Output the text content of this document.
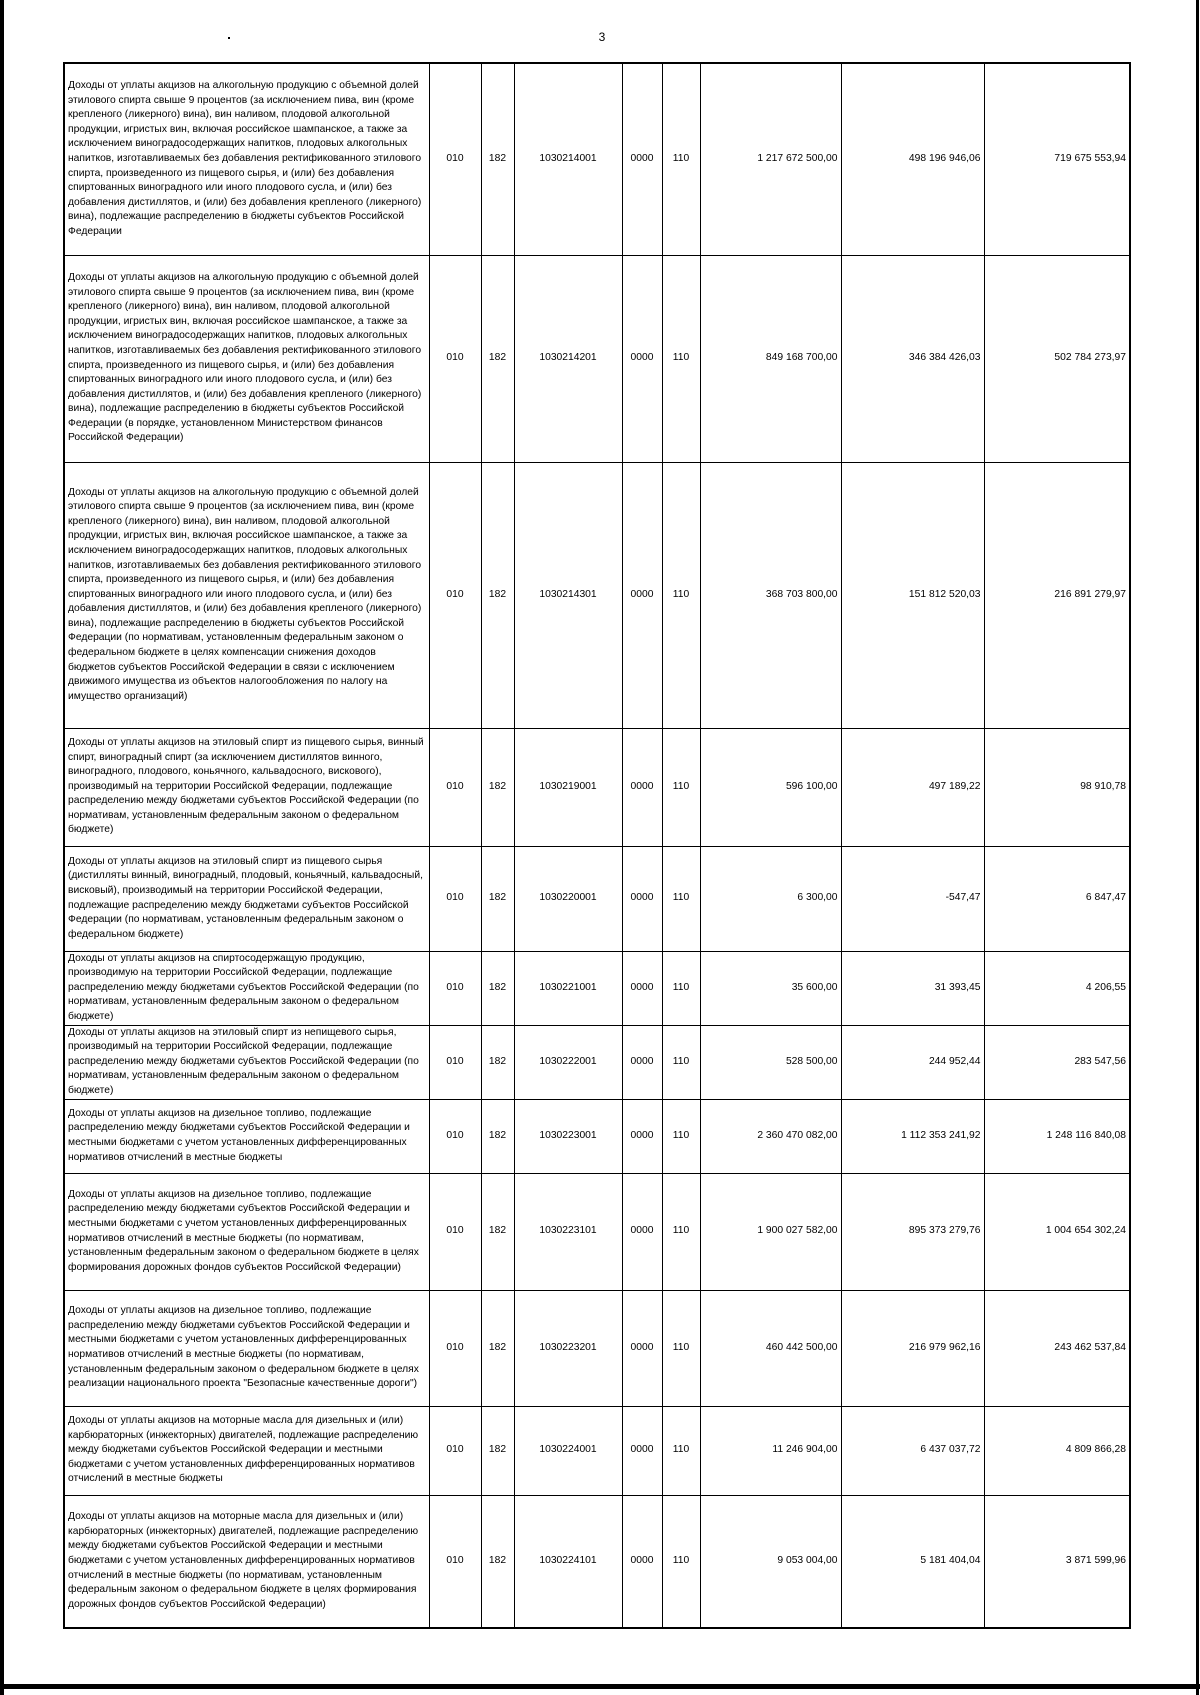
3
Доходы от уплаты акцизов на алкогольную продукцию с объемной долей этилового спирта свыше 9 процентов (за исключением пива, вин (кроме крепленого (ликерного) вина), вин наливом, плодовой алкогольной продукции, игристых вин, включая российское шампанское, а также за исключением виноградосодержащих напитков, плодовых алкогольных напитков, изготавливаемых без добавления ректификованного этилового спирта, произведенного из пищевого сырья, и (или) без добавления спиртованных виноградного или иного плодового сусла, и (или) без добавления дистиллятов, и (или) без добавления крепленого (ликерного) вина), подлежащие распределению в бюджеты субъектов Российской Федерации	010	182	1030214001	0000	110	1 217 672 500,00	498 196 946,06	719 675 553,94
Доходы от уплаты акцизов на алкогольную продукцию с объемной долей этилового спирта свыше 9 процентов (за исключением пива, вин (кроме крепленого (ликерного) вина), вин наливом, плодовой алкогольной продукции, игристых вин, включая российское шампанское, а также за исключением виноградосодержащих напитков, плодовых алкогольных напитков, изготавливаемых без добавления ректификованного этилового спирта, произведенного из пищевого сырья, и (или) без добавления спиртованных виноградного или иного плодового сусла, и (или) без добавления дистиллятов, и (или) без добавления крепленого (ликерного) вина), подлежащие распределению в бюджеты субъектов Российской Федерации (в порядке, установленном Министерством финансов Российской Федерации)	010	182	1030214201	0000	110	849 168 700,00	346 384 426,03	502 784 273,97
Доходы от уплаты акцизов на алкогольную продукцию с объемной долей этилового спирта свыше 9 процентов (за исключением пива, вин (кроме крепленого (ликерного) вина), вин наливом, плодовой алкогольной продукции, игристых вин, включая российское шампанское, а также за исключением виноградосодержащих напитков, плодовых алкогольных напитков, изготавливаемых без добавления ректификованного этилового спирта, произведенного из пищевого сырья, и (или) без добавления спиртованных виноградного или иного плодового сусла, и (или) без добавления дистиллятов, и (или) без добавления крепленого (ликерного) вина), подлежащие распределению в бюджеты субъектов Российской Федерации (по нормативам, установленным федеральным законом о федеральном бюджете в целях компенсации снижения доходов бюджетов субъектов Российской Федерации в связи с исключением движимого имущества из объектов налогообложения по налогу на имущество организаций)	010	182	1030214301	0000	110	368 703 800,00	151 812 520,03	216 891 279,97
Доходы от уплаты акцизов на этиловый спирт из пищевого сырья, винный спирт, виноградный спирт (за исключением дистиллятов винного, виноградного, плодового, коньячного, кальвадосного, вискового), производимый на территории Российской Федерации, подлежащие распределению между бюджетами субъектов Российской Федерации (по нормативам, установленным федеральным законом о федеральном бюджете)	010	182	1030219001	0000	110	596 100,00	497 189,22	98 910,78
Доходы от уплаты акцизов на этиловый спирт из пищевого сырья (дистилляты винный, виноградный, плодовый, коньячный, кальвадосный, висковый), производимый на территории Российской Федерации, подлежащие распределению между бюджетами субъектов Российской Федерации (по нормативам, установленным федеральным законом о федеральном бюджете)	010	182	1030220001	0000	110	6 300,00	-547,47	6 847,47
Доходы от уплаты акцизов на спиртосодержащую продукцию, производимую на территории Российской Федерации, подлежащие распределению между бюджетами субъектов Российской Федерации (по нормативам, установленным федеральным законом о федеральном бюджете)	010	182	1030221001	0000	110	35 600,00	31 393,45	4 206,55
Доходы от уплаты акцизов на этиловый спирт из непищевого сырья, производимый на территории Российской Федерации, подлежащие распределению между бюджетами субъектов Российской Федерации (по нормативам, установленным федеральным законом о федеральном бюджете)	010	182	1030222001	0000	110	528 500,00	244 952,44	283 547,56
Доходы от уплаты акцизов на дизельное топливо, подлежащие распределению между бюджетами субъектов Российской Федерации и местными бюджетами с учетом установленных дифференцированных нормативов отчислений в местные бюджеты	010	182	1030223001	0000	110	2 360 470 082,00	1 112 353 241,92	1 248 116 840,08
Доходы от уплаты акцизов на дизельное топливо, подлежащие распределению между бюджетами субъектов Российской Федерации и местными бюджетами с учетом установленных дифференцированных нормативов отчислений в местные бюджеты (по нормативам, установленным федеральным законом о федеральном бюджете в целях формирования дорожных фондов субъектов Российской Федерации)	010	182	1030223101	0000	110	1 900 027 582,00	895 373 279,76	1 004 654 302,24
Доходы от уплаты акцизов на дизельное топливо, подлежащие распределению между бюджетами субъектов Российской Федерации и местными бюджетами с учетом установленных дифференцированных нормативов отчислений в местные бюджеты (по нормативам, установленным федеральным законом о федеральном бюджете в целях реализации национального проекта "Безопасные качественные дороги")	010	182	1030223201	0000	110	460 442 500,00	216 979 962,16	243 462 537,84
Доходы от уплаты акцизов на моторные масла для дизельных и (или) карбюраторных (инжекторных) двигателей, подлежащие распределению между бюджетами субъектов Российской Федерации и местными бюджетами с учетом установленных дифференцированных нормативов отчислений в местные бюджеты	010	182	1030224001	0000	110	11 246 904,00	6 437 037,72	4 809 866,28
Доходы от уплаты акцизов на моторные масла для дизельных и (или) карбюраторных (инжекторных) двигателей, подлежащие распределению между бюджетами субъектов Российской Федерации и местными бюджетами с учетом установленных дифференцированных нормативов отчислений в местные бюджеты (по нормативам, установленным федеральным законом о федеральном бюджете в целях формирования дорожных фондов субъектов Российской Федерации)	010	182	1030224101	0000	110	9 053 004,00	5 181 404,04	3 871 599,96
